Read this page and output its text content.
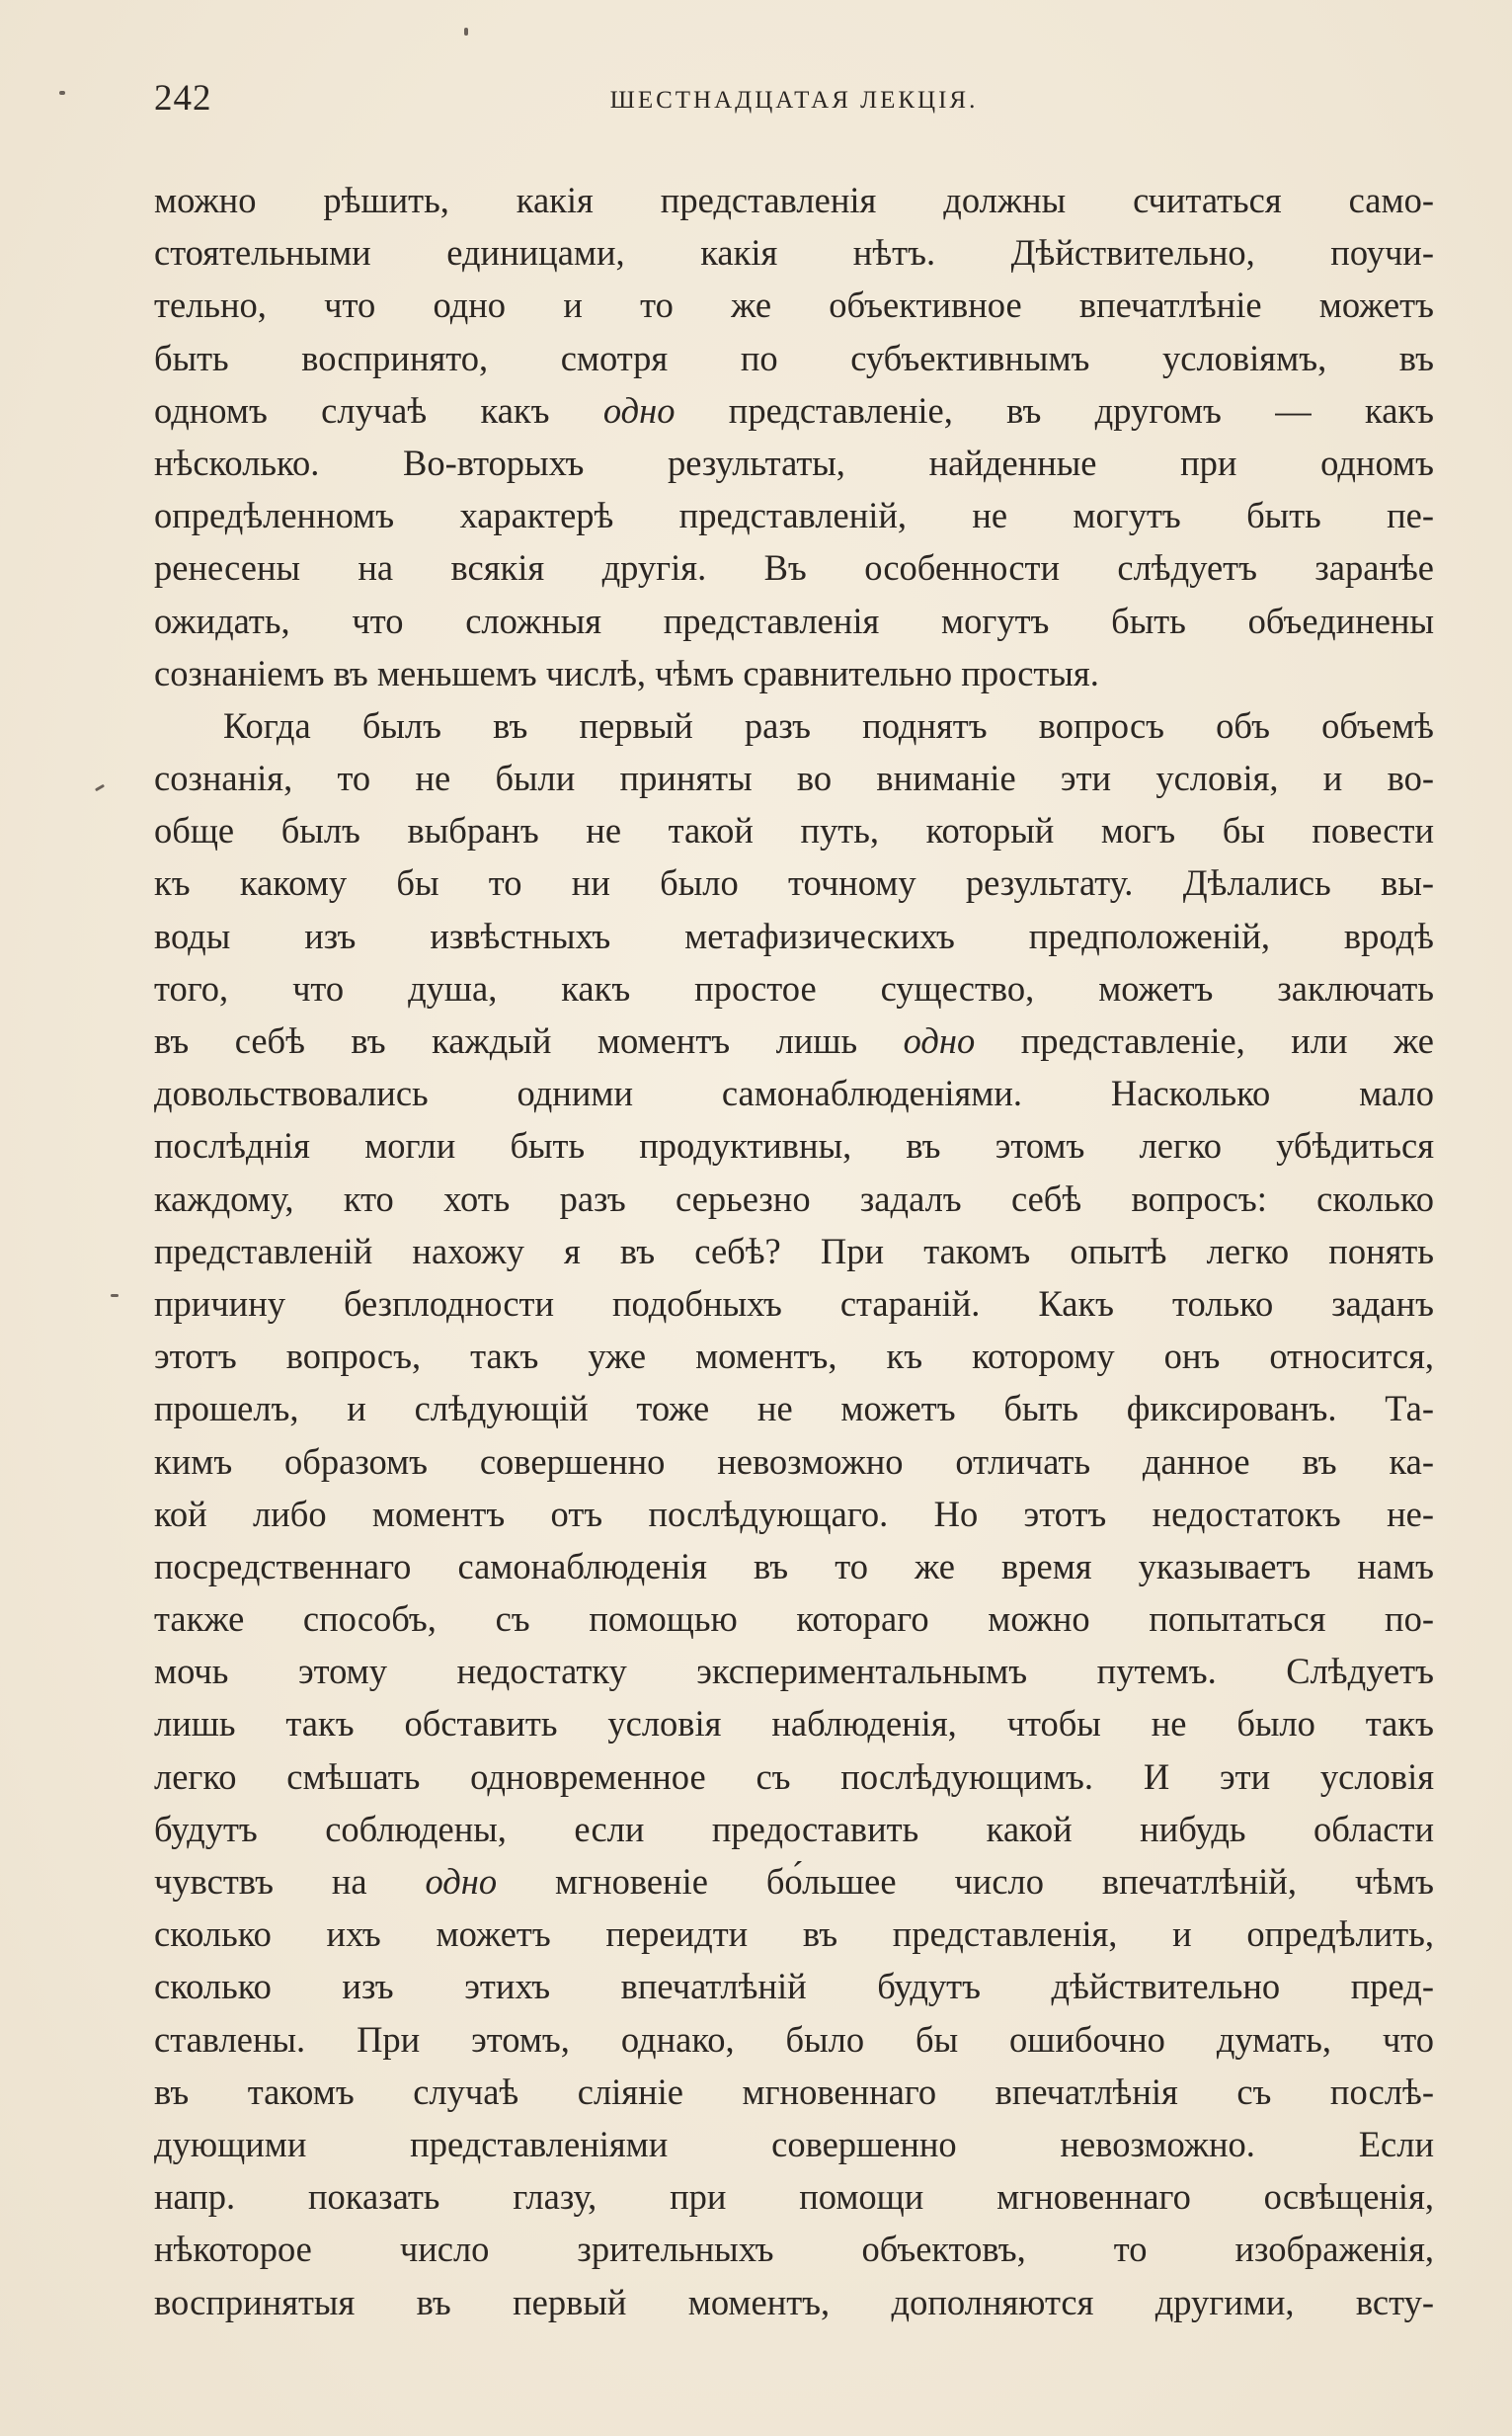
242	ШЕСТНАДЦАТАЯ ЛЕКЦІЯ.
можно рѣшить, какія представленія должны считаться само-
стоятельными единицами, какія нѣтъ. Дѣйствительно, поучи-
тельно, что одно и то же объективное впечатлѣніе можетъ
быть воспринято, смотря по субъективнымъ условіямъ, въ
одномъ случаѣ какъ одно представленіе, въ другомъ — какъ
нѣсколько. Во-вторыхъ результаты, найденные при одномъ
опредѣленномъ характерѣ представленій, не могутъ быть пе-
ренесены на всякія другія. Въ особенности слѣдуетъ заранѣе
ожидать, что сложныя представленія могутъ быть объединены
сознаніемъ въ меньшемъ числѣ, чѣмъ сравнительно простыя.
Когда былъ въ первый разъ поднятъ вопросъ объ объемѣ
сознанія, то не были приняты во вниманіе эти условія, и во-
обще былъ выбранъ не такой путь, который могъ бы повести
къ какому бы то ни было точному результату. Дѣлались вы-
воды изъ извѣстныхъ метафизическихъ предположеній, вродѣ
того, что душа, какъ простое существо, можетъ заключать
въ себѣ въ каждый моментъ лишь одно представленіе, или же
довольствовались одними самонаблюденіями. Насколько мало
послѣднія могли быть продуктивны, въ этомъ легко убѣдиться
каждому, кто хоть разъ серьезно задалъ себѣ вопросъ: сколько
представленій нахожу я въ себѣ? При такомъ опытѣ легко понять
причину безплодности подобныхъ стараній. Какъ только заданъ
этотъ вопросъ, такъ уже моментъ, къ которому онъ относится,
прошелъ, и слѣдующій тоже не можетъ быть фиксированъ. Та-
кимъ образомъ совершенно невозможно отличать данное въ ка-
кой либо моментъ отъ послѣдующаго. Но этотъ недостатокъ не-
посредственнаго самонаблюденія въ то же время указываетъ намъ
также способъ, съ помощью котораго можно попытаться по-
мочь этому недостатку экспериментальнымъ путемъ. Слѣдуетъ
лишь такъ обставить условія наблюденія, чтобы не было такъ
легко смѣшать одновременное съ послѣдующимъ. И эти условія
будутъ соблюдены, если предоставить какой нибудь области
чувствъ на одно мгновеніе бо́льшее число впечатлѣній, чѣмъ
сколько ихъ можетъ переидти въ представленія, и опредѣлить,
сколько изъ этихъ впечатлѣній будутъ дѣйствительно пред-
ставлены. При этомъ, однако, было бы ошибочно думать, что
въ такомъ случаѣ сліяніе мгновеннаго впечатлѣнія съ послѣ-
дующими представленіями совершенно невозможно. Если
напр. показать глазу, при помощи мгновеннаго освѣщенія,
нѣкоторое число зрительныхъ объектовъ, то изображенія,
воспринятыя въ первый моментъ, дополняются другими, всту-
